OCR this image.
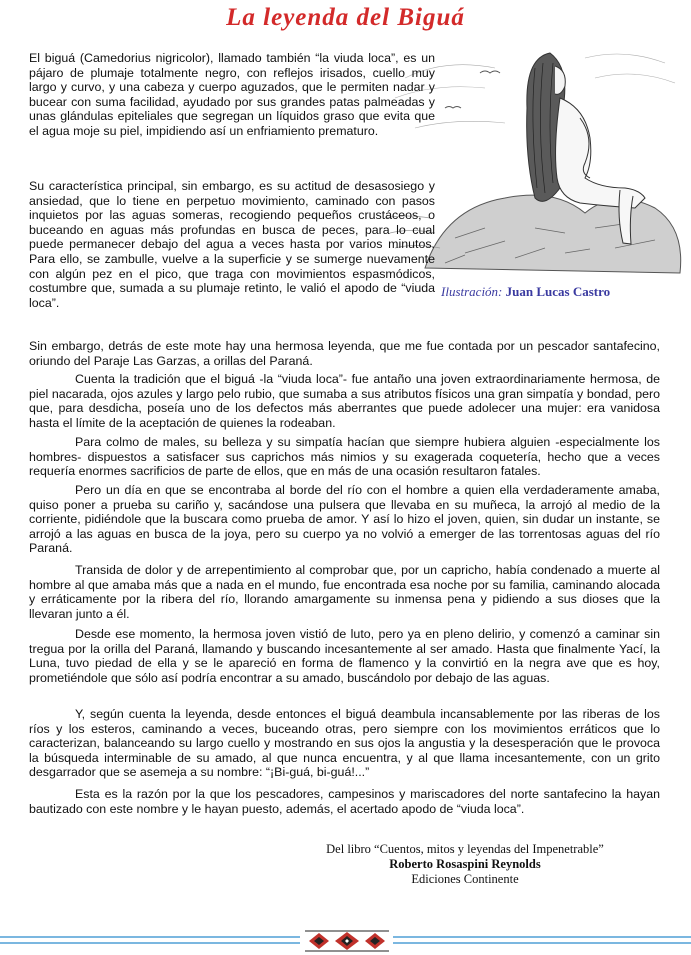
La leyenda del Biguá
Ilustración: Juan Lucas Castro

El biguá (Camedorius nigricolor), llamado también “la viuda loca”, es un pájaro de plumaje totalmente negro, con reflejos irisados, cuello muy largo y curvo, y una cabeza y cuerpo aguzados, que le permiten nadar y bucear con suma facilidad, ayudado por sus grandes patas palmeadas y unas glándulas epiteliales que segregan un líquidos graso que evita que el agua moje su piel, impidiendo así un enfriamiento prematuro.

Su característica principal, sin embargo, es su actitud de desasosiego y ansiedad, que lo tiene en perpetuo movimiento, caminado con pasos inquietos por las aguas someras, recogiendo pequeños crustáceos, o buceando en aguas más profundas en busca de peces, para lo cual puede permanecer debajo del agua a veces hasta por varios minutos. Para ello, se zambulle, vuelve a la superficie y se sumerge nuevamente con algún pez en el pico, que traga con movimientos espasmódicos, costumbre que, sumada a su plumaje retinto, le valió el apodo de “viuda loca”.

Sin embargo, detrás de este mote hay una hermosa leyenda, que me fue contada por un pescador santafecino, oriundo del Paraje Las Garzas, a orillas del Paraná.

Cuenta la tradición que el biguá -la “viuda loca”- fue antaño una joven extraordinariamente hermosa, de piel nacarada, ojos azules y largo pelo rubio, que sumaba a sus atributos físicos una gran simpatía y bondad, pero que, para desdicha, poseía uno de los defectos más aberrantes que puede adolecer una mujer: era vanidosa hasta el límite de la aceptación de quienes la rodeaban.

Para colmo de males, su belleza y su simpatía hacían que siempre hubiera alguien -especialmente los hombres- dispuestos a satisfacer sus caprichos más nimios y su exagerada coquetería, hecho que a veces requería enormes sacrificios de parte de ellos, que en más de una ocasión resultaron fatales.

Pero un día en que se encontraba al borde del río con el hombre a quien ella verdaderamente amaba, quiso poner a prueba su cariño y, sacándose una pulsera que llevaba en su muñeca, la arrojó al medio de la corriente, pidiéndole que la buscara como prueba de amor. Y así lo hizo el joven, quien, sin dudar un instante, se arrojó a las aguas en busca de la joya, pero su cuerpo ya no volvió a emerger de las torrentosas aguas del río Paraná.

Transida de dolor y de arrepentimiento al comprobar que, por un capricho, había condenado a muerte al hombre al que amaba más que a nada en el mundo, fue encontrada esa noche por su familia, caminando alocada y erráticamente por la ribera del río, llorando amargamente su inmensa pena y pidiendo a sus dioses que la llevaran junto a él.

Desde ese momento, la hermosa joven vistió de luto, pero ya en pleno delirio, y comenzó a caminar sin tregua por la orilla del Paraná, llamando y buscando incesantemente al ser amado. Hasta que finalmente Yací, la Luna, tuvo piedad de ella y se le apareció en forma de flamenco y la convirtió en la negra ave que es hoy, prometiéndole que sólo así podría encontrar a su amado, buscándolo por debajo de las aguas.

Y, según cuenta la leyenda, desde entonces el biguá deambula incansablemente por las riberas de los ríos y los esteros, caminando a veces, buceando otras, pero siempre con los movimientos erráticos que lo caracterizan, balanceando su largo cuello y mostrando en sus ojos la angustia y la desesperación que le provoca la búsqueda interminable de su amado, al que nunca encuentra, y al que llama incesantemente, con un grito desgarrador que se asemeja a su nombre: “¡Bi-guá, bi-guá!...”

Esta es la razón por la que los pescadores, campesinos y mariscadores del norte santafecino la hayan bautizado con este nombre y le hayan puesto, además, el acertado apodo de “viuda loca”.

Del libro “Cuentos, mitos y leyendas del Impenetrable”
Roberto Rosaspini Reynolds
Ediciones Continente
